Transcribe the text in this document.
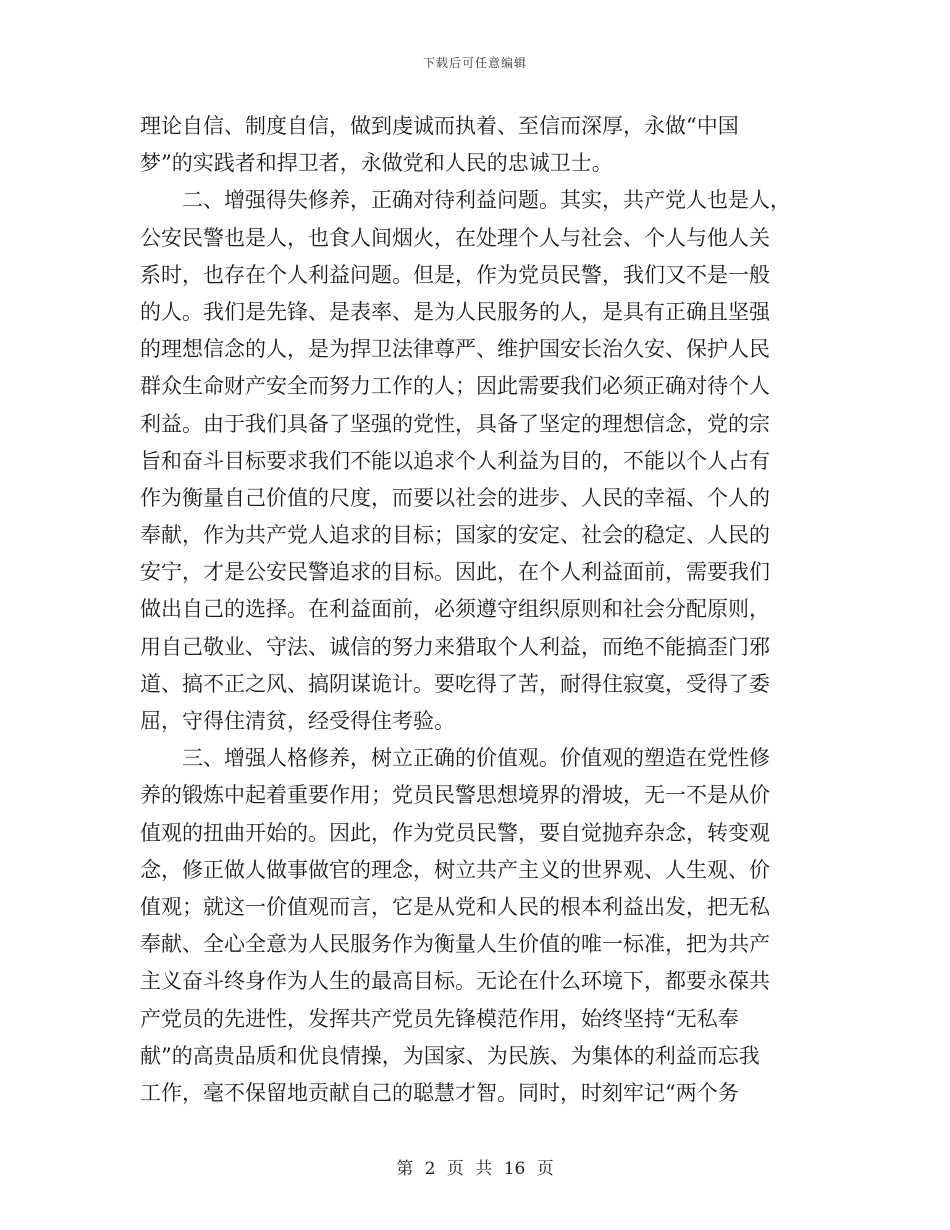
下载后可任意编辑
理论自信、制度自信，做到虔诚而执着、至信而深厚，永做“中国
梦”的实践者和捍卫者，永做党和人民的忠诚卫士。
二、增强得失修养，正确对待利益问题。其实，共产党人也是人，
公安民警也是人，也食人间烟火，在处理个人与社会、个人与他人关
系时，也存在个人利益问题。但是，作为党员民警，我们又不是一般
的人。我们是先锋、是表率、是为人民服务的人，是具有正确且坚强
的理想信念的人，是为捍卫法律尊严、维护国安长治久安、保护人民
群众生命财产安全而努力工作的人；因此需要我们必须正确对待个人
利益。由于我们具备了坚强的党性，具备了坚定的理想信念，党的宗
旨和奋斗目标要求我们不能以追求个人利益为目的，不能以个人占有
作为衡量自己价值的尺度，而要以社会的进步、人民的幸福、个人的
奉献，作为共产党人追求的目标；国家的安定、社会的稳定、人民的
安宁，才是公安民警追求的目标。因此，在个人利益面前，需要我们
做出自己的选择。在利益面前，必须遵守组织原则和社会分配原则，
用自己敬业、守法、诚信的努力来猎取个人利益，而绝不能搞歪门邪
道、搞不正之风、搞阴谋诡计。要吃得了苦，耐得住寂寞，受得了委
屈，守得住清贫，经受得住考验。
三、增强人格修养，树立正确的价值观。价值观的塑造在党性修
养的锻炼中起着重要作用；党员民警思想境界的滑坡，无一不是从价
值观的扭曲开始的。因此，作为党员民警，要自觉抛弃杂念，转变观
念，修正做人做事做官的理念，树立共产主义的世界观、人生观、价
值观；就这一价值观而言，它是从党和人民的根本利益出发，把无私
奉献、全心全意为人民服务作为衡量人生价值的唯一标准，把为共产
主义奋斗终身作为人生的最高目标。无论在什么环境下，都要永葆共
产党员的先进性，发挥共产党员先锋模范作用，始终坚持“无私奉
献”的高贵品质和优良情操，为国家、为民族、为集体的利益而忘我
工作，毫不保留地贡献自己的聪慧才智。同时，时刻牢记“两个务
第 2 页 共 16 页
